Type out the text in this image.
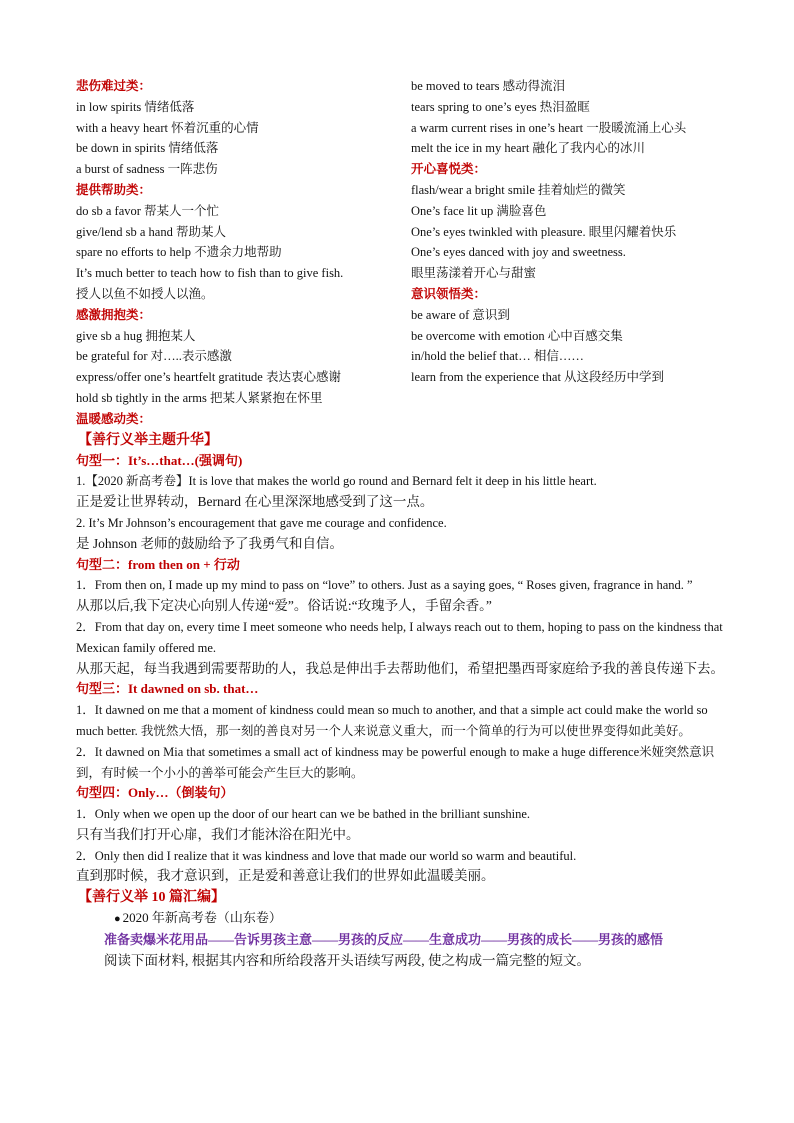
悲伤难过类：
in low spirits 情绪低落
with a heavy heart 怀着沉重的心情
be down in spirits 情绪低落
a burst of sadness 一阵悲伤
提供帮助类：
do sb a favor 帮某人一个忙
give/lend sb a hand 帮助某人
spare no efforts to help 不遗余力地帮助
It’s much better to teach how to fish than to give fish.
授人以鱼不如授人以渔。
感激拥抱类：
give sb a hug 拥抱某人
be grateful for 对…..表示感激
express/offer one’s heartfelt gratitude 表达衷心感谢
hold sb tightly in the arms 把某人紧紧抱在怀里
温暖感动类：
be moved to tears 感动得流泪
tears spring to one’s eyes 热泪盈眶
a warm current rises in one’s heart 一股暖流涌上心头
melt the ice in my heart 融化了我内心的冰川
开心喜悦类：
flash/wear a bright smile 挂着灿烂的微笑
One’s face lit up 满脸喜色
One’s eyes twinkled with pleasure. 眼里闪耀着快乐
One’s eyes danced with joy and sweetness.
眼里荡漾着开心与甜蜜
意识领悟类：
be aware of 意识到
be overcome with emotion 心中百感交集
in/hold the belief that… 相信……
learn from the experience that 从这段经历中学到
【善行义举主题升华】
句型一：It’s…that…(强调句)
1.【2020 新高考卷】It is love that makes the world go round and Bernard felt it deep in his little heart.
正是爱让世界转动，Bernard 在心里深深地感受到了这一点。
2. It’s Mr Johnson’s encouragement that gave me courage and confidence.
是 Johnson 老师的鼓励给予了我勇气和自信。
句型二：from then on + 行动
1．From then on, I made up my mind to pass on “love” to others. Just as a saying goes, “ Roses given, fragrance in hand. ”
从那以后,我下定决心向别人传递“爱”。俗话说:“玫瑰予人，手留余香。”
2．From that day on, every time I meet someone who needs help, I always reach out to them, hoping to pass on the kindness that Mexican family offered me.
从那天起，每当我遇到需要帮助的人，我总是伸出手去帮助他们，希望把墨西哥家庭给予我的善良传递下去。
句型三：It dawned on sb. that…
1．It dawned on me that a moment of kindness could mean so much to another, and that a simple act could make the world so much better. 我恍然大悟，那一刻的善良对另一个人来说意义重大，而一个简单的行为可以使世界变得如此美好。
2．It dawned on Mia that sometimes a small act of kindness may be powerful enough to make a huge difference米娅突然意识到，有时候一个小小的善举可能会产生巨大的影响。
句型四：Only…（倒装句）
1．Only when we open up the door of our heart can we be bathed in the brilliant sunshine.
只有当我们打开心扉，我们才能沐浴在阳光中。
2．Only then did I realize that it was kindness and love that made our world so warm and beautiful.
直到那时候，我才意识到，正是爱和善意让我们的世界如此温暖美丽。
【善行义举 10 篇汇编】
● 2020 年新高考卷（山东卷）
准备卖爆米花用品——告诉男孩主意——男孩的反应——生意成功——男孩的成长——男孩的感悟
阅读下面材料, 根据其内容和所给段落开头语续写两段, 使之构成一篇完整的短文。
